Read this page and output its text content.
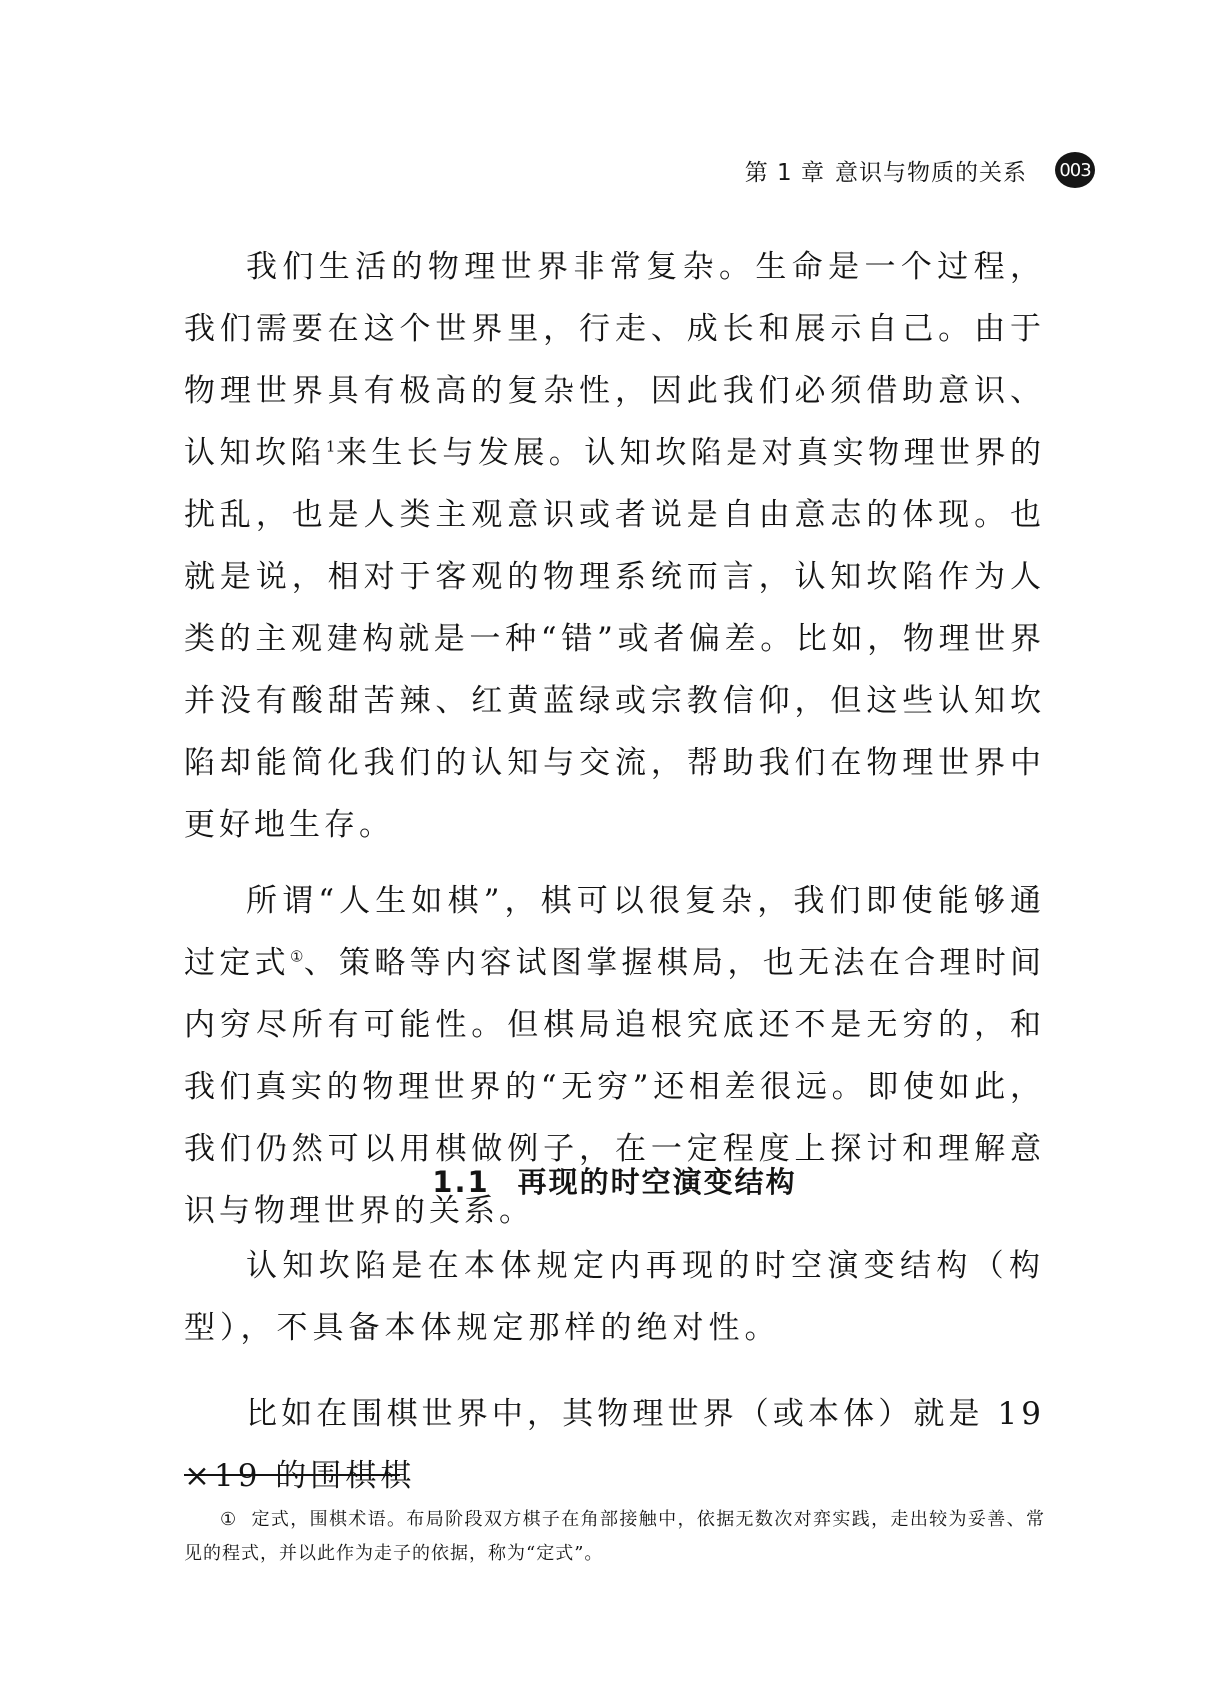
第 1 章 意识与物质的关系 003

我们生活的物理世界非常复杂。生命是一个过程，我们需要在这个世界里，行走、成长和展示自己。由于物理世界具有极高的复杂性，因此我们必须借助意识、认知坎陷$^1$来生长与发展。认知坎陷是对真实物理世界的扰乱，也是人类主观意识或者说是自由意志的体现。也就是说，相对于客观的物理系统而言，认知坎陷作为人类的主观建构就是一种“错”或者偏差。比如，物理世界并没有酸甜苦辣、红黄蓝绿或宗教信仰，但这些认知坎陷却能简化我们的认知与交流，帮助我们在物理世界中更好地生存。

所谓“人生如棋”，棋可以很复杂，我们即使能够通过定式①、策略等内容试图掌握棋局，也无法在合理时间内穷尽所有可能性。但棋局追根究底还不是无穷的，和我们真实的物理世界的“无穷”还相差很远。即使如此，我们仍然可以用棋做例子，在一定程度上探讨和理解意识与物理世界的关系。

1.1 再现的时空演变结构

认知坎陷是在本体规定内再现的时空演变结构（构型），不具备本体规定那样的绝对性。

比如在围棋世界中，其物理世界（或本体）就是 19×19 的围棋棋

① 定式，围棋术语。布局阶段双方棋子在角部接触中，依据无数次对弈实践，走出较为妥善、常见的程式，并以此作为走子的依据，称为“定式”。
